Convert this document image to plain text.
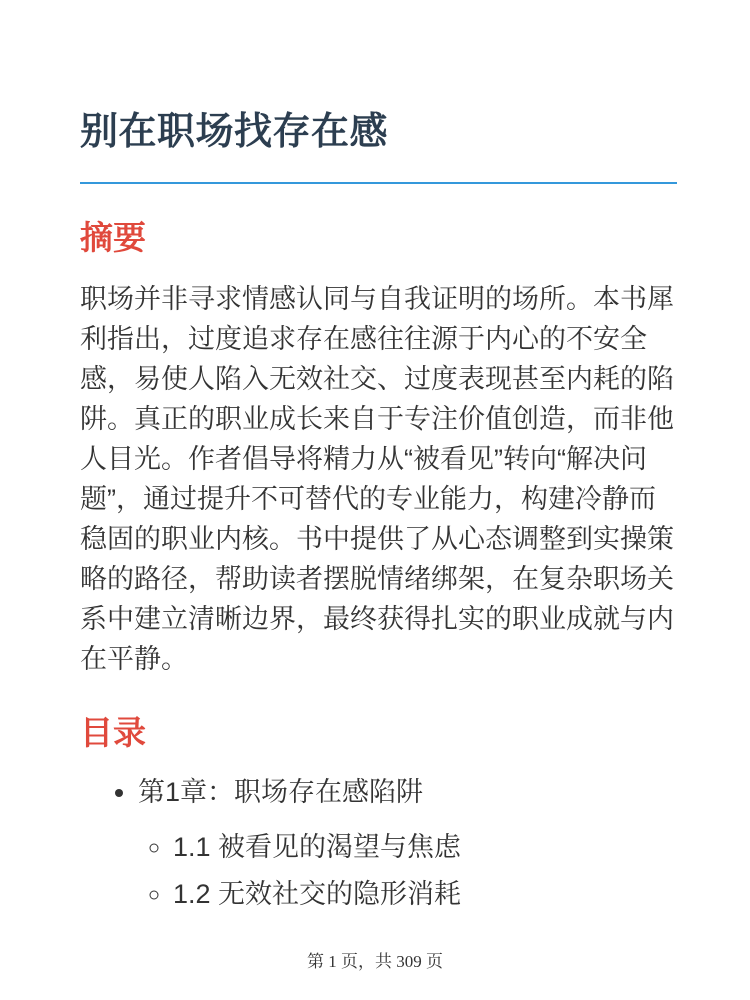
别在职场找存在感
摘要

职场并非寻求情感认同与自我证明的场所。本书犀利指出，过度追求存在感往往源于内心的不安全感，易使人陷入无效社交、过度表现甚至内耗的陷阱。真正的职业成长来自于专注价值创造，而非他人目光。作者倡导将精力从“被看见”转向“解决问题”，通过提升不可替代的专业能力，构建冷静而稳固的职业内核。书中提供了从心态调整到实操策略的路径，帮助读者摆脱情绪绑架，在复杂职场关系中建立清晰边界，最终获得扎实的职业成就与内在平静。

目录
• 第1章：职场存在感陷阱
◦ 1.1 被看见的渴望与焦虑
◦ 1.2 无效社交的隐形消耗
第 1 页，共 309 页
